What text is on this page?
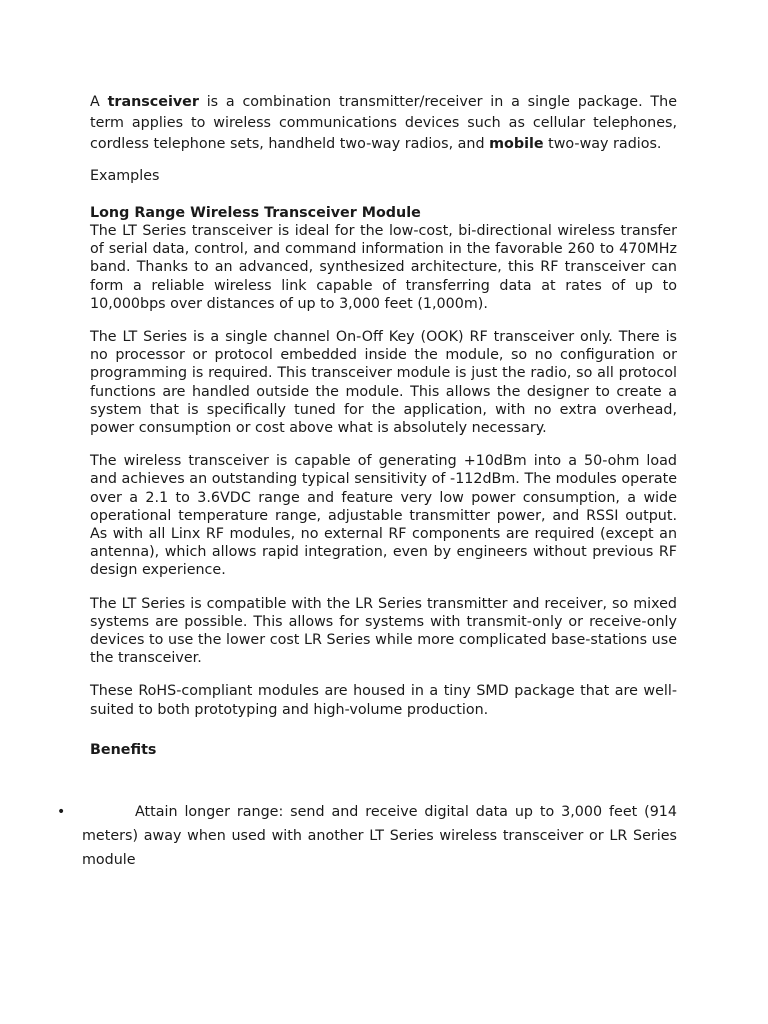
A transceiver is a combination transmitter/receiver in a single package. The term applies to wireless communications devices such as cellular telephones, cordless telephone sets, handheld two-way radios, and mobile two-way radios.

Examples

Long Range Wireless Transceiver Module

The LT Series transceiver is ideal for the low-cost, bi-directional wireless transfer of serial data, control, and command information in the favorable 260 to 470MHz band. Thanks to an advanced, synthesized architecture, this RF transceiver can form a reliable wireless link capable of transferring data at rates of up to 10,000bps over distances of up to 3,000 feet (1,000m).

The LT Series is a single channel On-Off Key (OOK) RF transceiver only. There is no processor or protocol embedded inside the module, so no configuration or programming is required. This transceiver module is just the radio, so all protocol functions are handled outside the module. This allows the designer to create a system that is specifically tuned for the application, with no extra overhead, power consumption or cost above what is absolutely necessary.

The wireless transceiver is capable of generating +10dBm into a 50-ohm load and achieves an outstanding typical sensitivity of -112dBm. The modules operate over a 2.1 to 3.6VDC range and feature very low power consumption, a wide operational temperature range, adjustable transmitter power, and RSSI output. As with all Linx RF modules, no external RF components are required (except an antenna), which allows rapid integration, even by engineers without previous RF design experience.

The LT Series is compatible with the LR Series transmitter and receiver, so mixed systems are possible. This allows for systems with transmit-only or receive-only devices to use the lower cost LR Series while more complicated base-stations use the transceiver.

These RoHS-compliant modules are housed in a tiny SMD package that are well-suited to both prototyping and high-volume production.

Benefits

•	Attain longer range: send and receive digital data up to 3,000 feet (914 meters) away when used with another LT Series wireless transceiver or LR Series module
